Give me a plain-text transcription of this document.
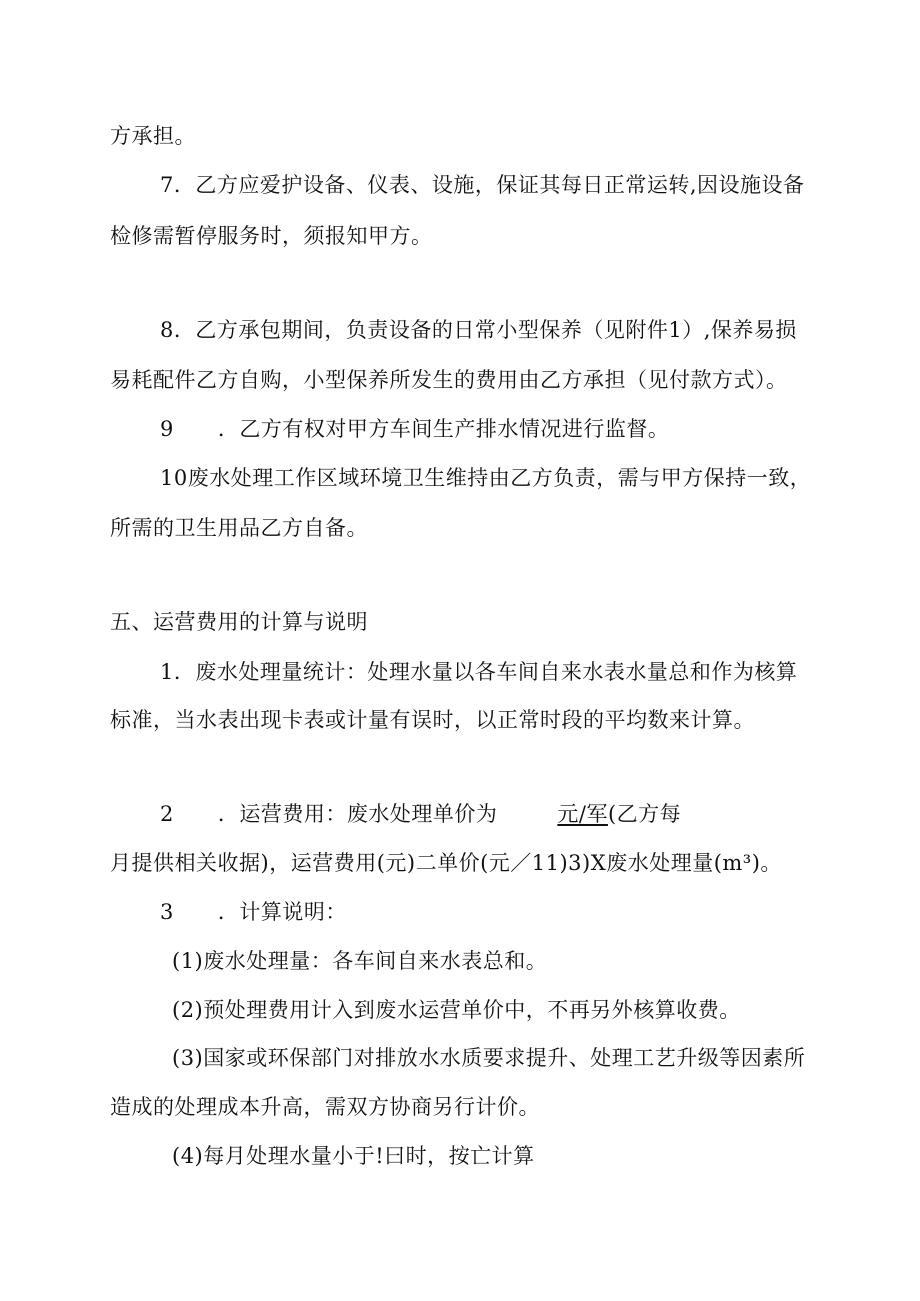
方承担。
7．乙方应爱护设备、仪表、设施，保证其每日正常运转,因设施设备
检修需暂停服务时，须报知甲方。
8．乙方承包期间，负责设备的日常小型保养（见附件1）,保养易损
易耗配件乙方自购，小型保养所发生的费用由乙方承担（见付款方式）。
9 ．乙方有权对甲方车间生产排水情况进行监督。
10废水处理工作区域环境卫生维持由乙方负责，需与甲方保持一致，
所需的卫生用品乙方自备。
五、运营费用的计算与说明
1．废水处理量统计：处理水量以各车间自来水表水量总和作为核算
标准，当水表出现卡表或计量有误时，以正常时段的平均数来计算。
2 ．运营费用：废水处理单价为	元/军(乙方每
月提供相关收据)，运营费用(元)二单价(元／11)3)X废水处理量(m³)。
3 ．计算说明：
(1)废水处理量：各车间自来水表总和。
(2)预处理费用计入到废水运营单价中，不再另外核算收费。
(3)国家或环保部门对排放水水质要求提升、处理工艺升级等因素所
造成的处理成本升高，需双方协商另行计价。
(4)每月处理水量小于!曰时，按亡计算
